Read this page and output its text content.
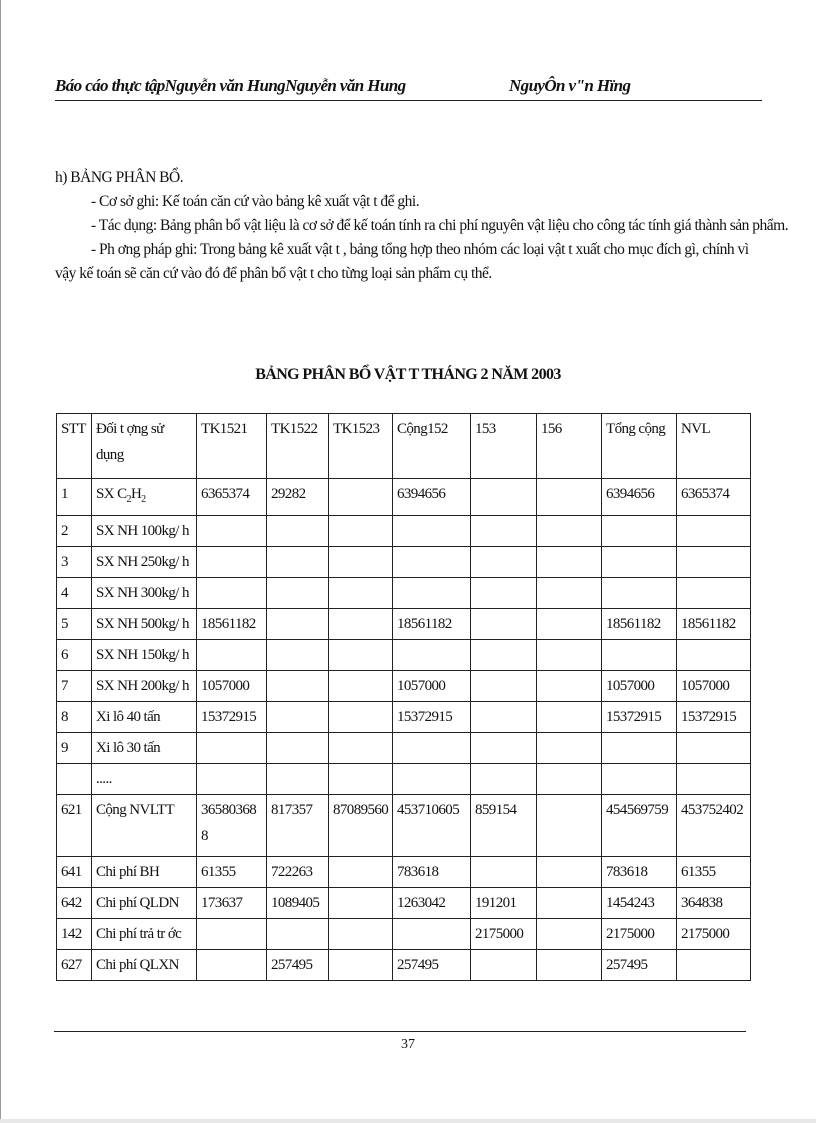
Báo cáo thực tậpNguyễn văn HungNguyễn văn Hung	NguyÔn v"n Hïng
h) BẢNG PHÂN BỔ.
- Cơ sở ghi: Kế toán căn cứ vào bảng kê xuất vật t để ghi.
- Tác dụng: Bảng phân bổ vật liệu là cơ sở để kế toán tính ra chi phí nguyên vật liệu cho công tác tính giá thành sản phẩm.
- Ph ơng pháp ghi: Trong bảng kê xuất vật t , bảng tổng hợp theo nhóm các loại vật t xuất cho mục đích gì, chính vì
vậy kế toán sẽ căn cứ vào đó để phân bổ vật t cho từng loại sản phẩm cụ thể.
BẢNG PHÂN BỔ VẬT T THÁNG 2 NĂM 2003
STT	Đối t ợng sử dụng	TK1521	TK1522	TK1523	Cộng152	153	156	Tổng cộng	NVL
1	SX $C_2H_2$	6365374	29282		6394656			6394656	6365374
2	SX NH 100kg/ h								
3	SX NH 250kg/ h								
4	SX NH 300kg/ h								
5	SX NH 500kg/ h	18561182			18561182			18561182	18561182
6	SX NH 150kg/ h								
7	SX NH 200kg/ h	1057000			1057000			1057000	1057000
8	Xi lô 40 tấn	15372915			15372915			15372915	15372915
9	Xi lô 30 tấn								
	.....								
621	Cộng NVLTT	365803688	817357	87089560	453710605	859154		454569759	453752402
641	Chi phí BH	61355	722263		783618			783618	61355
642	Chi phí QLDN	173637	1089405		1263042	191201		1454243	364838
142	Chi phí trả tr ớc					2175000		2175000	2175000
627	Chi phí QLXN		257495		257495			257495	
37
